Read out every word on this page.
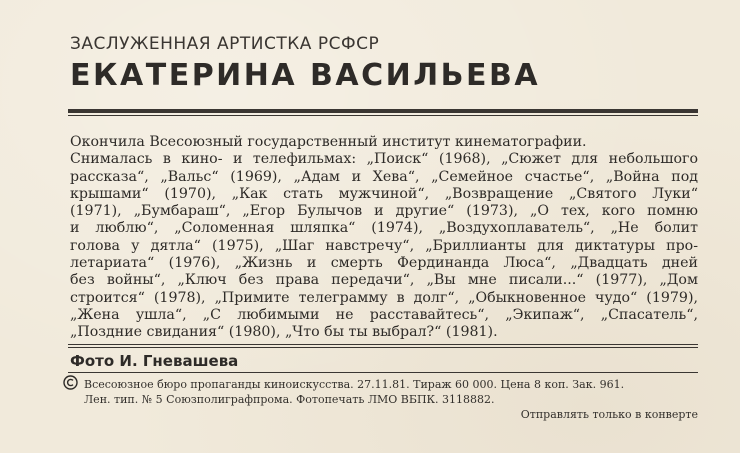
ЗАСЛУЖЕННАЯ АРТИСТКА РСФСР
ЕКАТЕРИНА ВАСИЛЬЕВА
Окончила Всесоюзный государственный институт кинематографии.
Снималась в кино- и телефильмах: „Поиск“ (1968), „Сюжет для небольшого
рассказа“, „Вальс“ (1969), „Адам и Хева“, „Семейное счастье“, „Война под
крышами“ (1970), „Как стать мужчиной“, „Возвращение „Святого Луки“
(1971), „Бумбараш“, „Егор Булычов и другие“ (1973), „О тех, кого помню
и люблю“, „Соломенная шляпка“ (1974), „Воздухоплаватель“, „Не болит
голова у дятла“ (1975), „Шаг навстречу“, „Бриллианты для диктатуры про-
летариата“ (1976), „Жизнь и смерть Фердинанда Люса“, „Двадцать дней
без войны“, „Ключ без права передачи“, „Вы мне писали...“ (1977), „Дом
строится“ (1978), „Примите телеграмму в долг“, „Обыкновенное чудо“ (1979),
„Жена ушла“, „С любимыми не расставайтесь“, „Экипаж“, „Спасатель“,
„Поздние свидания“ (1980), „Что бы ты выбрал?“ (1981).
Фото И. Гневашева
Всесоюзное бюро пропаганды киноискусства. 27.11.81. Тираж 60 000. Цена 8 коп. Зак. 961.
Лен. тип. № 5 Союзполиграфпрома. Фотопечать ЛМО ВБПК. 3118882.
Отправлять только в конверте
